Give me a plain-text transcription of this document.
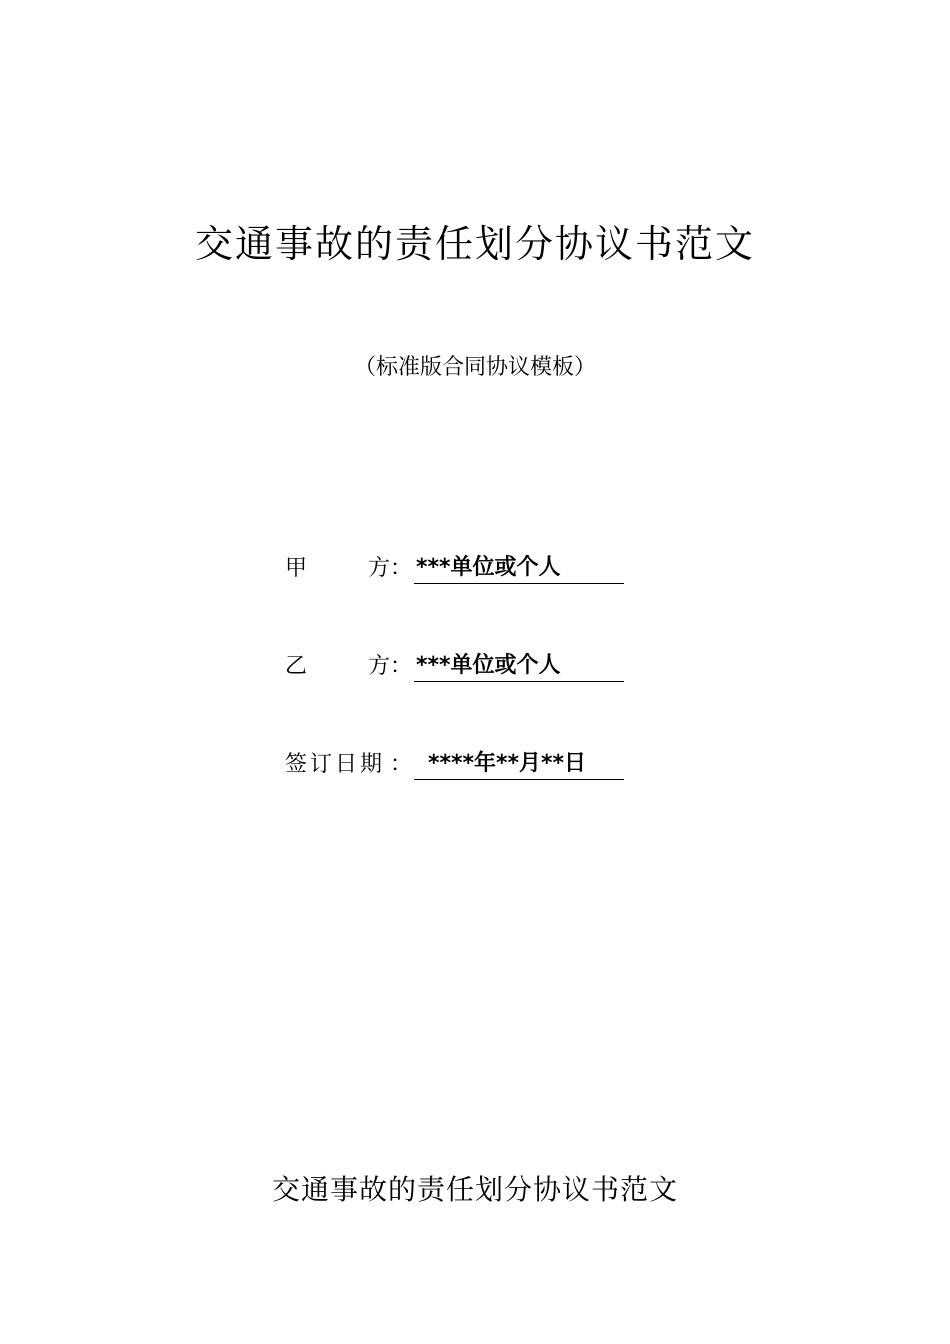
交通事故的责任划分协议书范文
（标准版合同协议模板）
甲	方 ： ***单位或个人
乙	方 ： ***单位或个人
签订日期 ： ****年**月**日
交通事故的责任划分协议书范文
